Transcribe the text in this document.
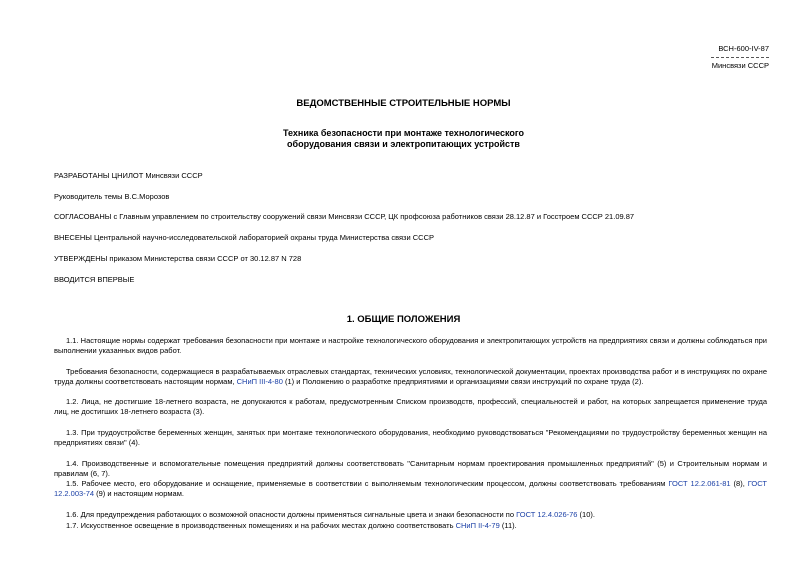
ВСН-600-IV-87
Минсвязи СССР
ВЕДОМСТВЕННЫЕ СТРОИТЕЛЬНЫЕ НОРМЫ
Техника безопасности при монтаже технологического
оборудования связи и электропитающих устройств
РАЗРАБОТАНЫ ЦНИЛОТ Минсвязи СССР
Руководитель темы В.С.Морозов
СОГЛАСОВАНЫ с Главным управлением по строительству сооружений связи Минсвязи СССР, ЦК профсоюза работников связи 28.12.87 и Госстроем СССР 21.09.87
ВНЕСЕНЫ Центральной научно-исследовательской лабораторией охраны труда Министерства связи СССР
УТВЕРЖДЕНЫ приказом Министерства связи СССР от 30.12.87 N 728
ВВОДИТСЯ ВПЕРВЫЕ
1. ОБЩИЕ ПОЛОЖЕНИЯ
1.1. Настоящие нормы содержат требования безопасности при монтаже и настройке технологического оборудования и электропитающих устройств на предприятиях связи и должны соблюдаться при выполнении указанных видов работ.
Требования безопасности, содержащиеся в разрабатываемых отраслевых стандартах, технических условиях, технологической документации, проектах производства работ и в инструкциях по охране труда должны соответствовать настоящим нормам, СНиП III-4-80 (1) и Положению о разработке предприятиями и организациями связи инструкций по охране труда (2).
1.2. Лица, не достигшие 18-летнего возраста, не допускаются к работам, предусмотренным Списком производств, профессий, специальностей и работ, на которых запрещается применение труда лиц, не достигших 18-летнего возраста (3).
1.3. При трудоустройстве беременных женщин, занятых при монтаже технологического оборудования, необходимо руководствоваться "Рекомендациями по трудоустройству беременных женщин на предприятиях связи" (4).
1.4. Производственные и вспомогательные помещения предприятий должны соответствовать "Санитарным нормам проектирования промышленных предприятий" (5) и Строительным нормам и правилам (6, 7).
1.5. Рабочее место, его оборудование и оснащение, применяемые в соответствии с выполняемым технологическим процессом, должны соответствовать требованиям ГОСТ 12.2.061-81 (8), ГОСТ 12.2.003-74 (9) и настоящим нормам.
1.6. Для предупреждения работающих о возможной опасности должны применяться сигнальные цвета и знаки безопасности по ГОСТ 12.4.026-76 (10).
1.7. Искусственное освещение в производственных помещениях и на рабочих местах должно соответствовать СНиП II-4-79 (11).
